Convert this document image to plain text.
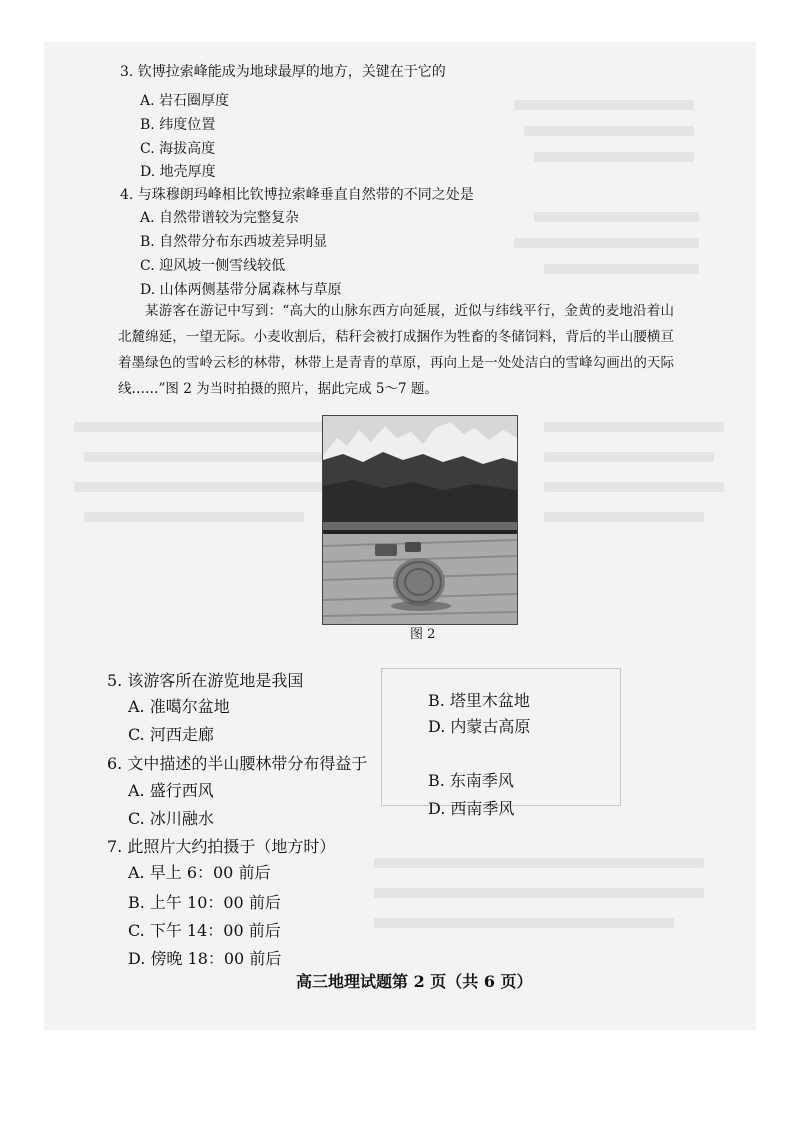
3. 钦博拉索峰能成为地球最厚的地方，关键在于它的
A. 岩石圈厚度
B. 纬度位置
C. 海拔高度
D. 地壳厚度
4. 与珠穆朗玛峰相比钦博拉索峰垂直自然带的不同之处是
A. 自然带谱较为完整复杂
B. 自然带分布东西坡差异明显
C. 迎风坡一侧雪线较低
D. 山体两侧基带分属森林与草原
某游客在游记中写到：“高大的山脉东西方向延展，近似与纬线平行，金黄的麦地沿着山北麓绵延，一望无际。小麦收割后，秸秆会被打成捆作为牲畜的冬储饲料，背后的半山腰横亘着墨绿色的雪岭云杉的林带，林带上是青青的草原，再向上是一处处洁白的雪峰勾画出的天际线……”图 2 为当时拍摄的照片，据此完成 5～7 题。
图 2
5. 该游客所在游览地是我国
A. 准噶尔盆地	B. 塔里木盆地
C. 河西走廊	D. 内蒙古高原
6. 文中描述的半山腰林带分布得益于
A. 盛行西风
B. 东南季风
C. 冰川融水
D. 西南季风
7. 此照片大约拍摄于（地方时）
A. 早上 6：00 前后
B. 上午 10：00 前后
C. 下午 14：00 前后
D. 傍晚 18：00 前后
高三地理试题第 2 页（共 6 页）
